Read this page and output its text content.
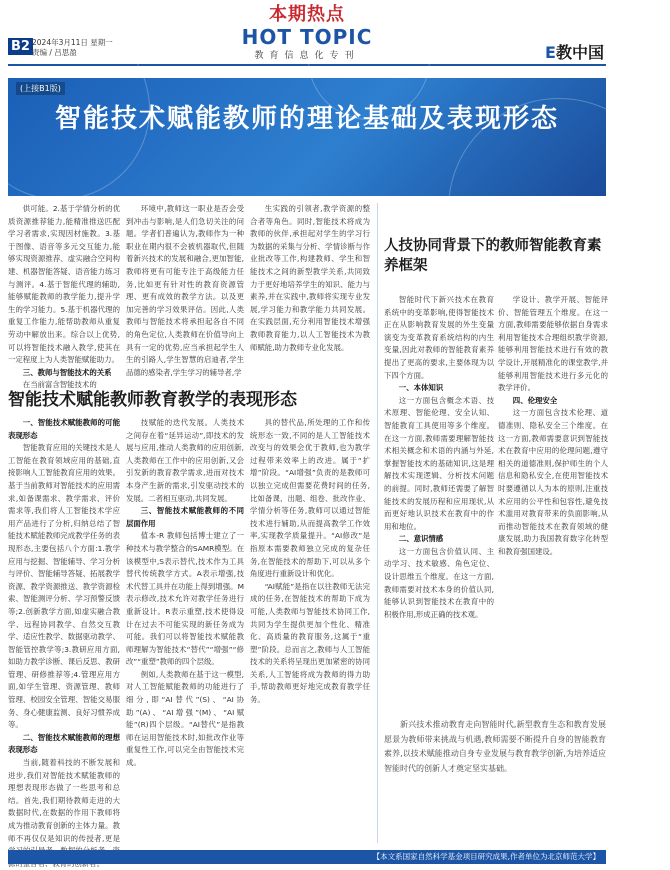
B2 2024年3月11日 星期一
责编 / 吕思盈
本期热点
HOT TOPIC
教育信息化专刊	E教中国
(上接B1版)
智能技术赋能教师的理论基础及表现形态

供可能。2.基于学情分析的优质资源推荐能力,能精准推送匹配学习者需求,实现因材施教。3.基于图像、语音等多元交互能力,能够实现资源推荐、虚实融合空间构建、机器智能答疑、语音能力练习与测评。4.基于智能代理的辅助,能够赋能教师的教学能力,提升学生的学习能力。5.基于机器代理的重复工作能力,能帮助教师从重复劳动中解放出来。综合以上优势,可以将智能技术融入教学,使其在一定程度上为人类智能赋能助力。

三、教师与智能技术的关系

在当前富含智能技术的

环境中,教师这一职业是否会受到冲击与影响,是人们急切关注的问题。学者们普遍认为,教师作为一种职业在期内很不会被机器取代,但随着新兴技术的发展和融合,更加智能,教师将更有可能专注于高级能力任务,比如更有针对性的教育资源管理、更有成效的教学方法。以及更加完善的学习效果评估。因此,人类教师与智能技术将承担起各自不同的角色定位,人类教师在价值导向上具有一定的优势,应当承担起学生人生的引路人,学生智慧的启迪者,学生品德的感染者,学生学习的辅导者,学

生实践的引领者,教学资源的整合者等角色。同时,智能技术将成为教师的伙伴,承担起对学生的学习行为数据的采集与分析、学情诊断与作业批改等工作,构建教师、学生和智能技术之间的新型教学关系,共同致力于更好地培养学生的知识、能力与素养,并在实践中,教师将实现专业发展,学习能力和教学能力共同发展。在实践层面,充分利用智能技术增强教师教育能力,以人工智能技术为教师赋能,助力教师专业化发展。

智能技术赋能教师教育教学的表现形态

一、智能技术赋能教师的可能表现形态

智能教育应用的关键技术是人工智能在教育领域应用的基础,直接影响人工智能教育应用的效果。基于当前教师对智能技术的应用需求,如备课需求、教学需求、评价需求等,我们将人工智能技术学应用产品进行了分析,归纳总结了智能技术赋能教师完成教学任务的表现形态,主要包括八个方面:1.教学应用与挖掘、智能辅导、学习分析与评价、智能辅导答疑、拓展教学资源、教学资源推送、教学资源检索、智能测评分析、学习预警反馈等;2.创新教学方面,如虚实融合教学、远程协同教学、自然交互教学、适应性教学、数据驱动教学、智能管控教学等;3.教研应用方面,如助力教学诊断、课后反思、教研管理、研修推荐等;4.管理应用方面,如学生管理、资源管理、教师管理、校园安全管理、智能交易服务、身心健康监测、良好习惯养成等。

二、智能技术赋能教师的理想表现形态

当前,随着科技的不断发展和进步,我们对智能技术赋能教师的理想表现形态做了一些思考和总结。首先,我们期待教师走进的大数据时代,在数据的作用下教师将成为推动教育创新的主体力量。教师不再仅仅是知识的传授者,更是

技赋能的迭代发展。人类技术之间存在着“延异运动”,即技术的发展与应用,推动人类教师的应用创新,人类教师在工作中的应用创新,又会引发新的教育教学需求,进而对技术本身产生新的需求,引发驱动技术的发展。二者相互驱动,共同发展。

三、智能技术赋能教师的不同层面作用

值本-R 教师包括博士建立了一种技术与教学整合的SAMR模型。在该模型中,S表示替代,技术作为工具替代传统教学方式。A表示增强,技术代替工具并在功能上得到增强。M表示修改,技术允许对教学任务进行重新设计。R表示重塑,技术使得设计在过去不可能实现的新任务成为可能。我们可以将智能技术赋能教师理解为智能技术“替代”“增强”“修改”“重塑”教师的四个层级。

例如,人类教师在基于这一模型,对人工智能赋能教师的功能进行了细分,即“AI替代”(S)、“AI协助”(A)、“AI增强”(M)、“AI赋能”(R)四个层级。“AI替代”是指教师在运用智能技术时,如批改作业等重复性工作,可以完全由智能技术完成。

具的替代品,所处理的工作和传统形态一致,不同的是人工智能技术改变与的效果会优于教师,也为教学过程带来效率上的改进。属于“扩增”阶段。“AI增强”负责的是教师可以独立完成但需要花费时间的任务,比如备课、出题、组卷、批改作业、学情分析等任务,教师可以通过智能技术进行辅助,从而提高教学工作效率,实现教学质量提升。“AI修改”是指原本需要教师独立完成的复杂任务,在智能技术的帮助下,可以从多个角度进行重新设计和优化。

“AI赋能”是指在以往教师无法完成的任务,在智能技术的帮助下成为可能,人类教师与智能技术协同工作,共同为学生提供更加个性化、精准化、高质量的教育服务,这属于“重塑”阶段。总而言之,教师与人工智能技术的关系将呈现出更加紧密的协同关系,人工智能将成为教师的得力助手,帮助教师更好地完成教育教学任务。

人技协同背景下的教师智能教育素养框架

智能时代下新兴技术在教育系统中的变革影响,使得智能技术正在从影响教育发展的外生变量演变为变革教育系统结构的内生变量,因此对教师的智能教育素养提出了更高的要求,主要体现为以下四个方面。

一、本体知识

这一方面包含概念术语、技术原理、智能伦理、安全认知、智能教育工具使用等多个维度。在这一方面,教师需要理解智能技术相关概念和术语的内涵与外延,掌握智能技术的基础知识,这是理解技术实现逻辑、分析技术问题的前提。同时,教师还需要了解智能技术的发展历程和应用现状,从而更好地认识技术在教育中的作用和地位。

二、意识情感

这一方面包含价值认同、主动学习、技术敏感、角色定位、设计思维五个维度。在这一方面,教师需要对技术本身的价值认同,能够认识到智能技术在教育中的积极作用,形成正确的技术观。

学设计、教学开展、智能评价、智能管理五个维度。在这一方面,教师需要能够依据自身需求利用智能技术合理组织教学资源,能够利用智能技术进行有效的教学设计,开展精准化的课堂教学,并能够利用智能技术进行多元化的教学评价。

四、伦理安全

这一方面包含技术伦理、道德准则、隐私安全三个维度。在这一方面,教师需要意识到智能技术在教育中应用的伦理问题,遵守相关的道德准则,保护师生的个人信息和隐私安全,在使用智能技术时要遵循以人为本的原则,注重技术应用的公平性和包容性,避免技术滥用对教育带来的负面影响,从而推动智能技术在教育领域的健康发展,助力我国教育数字化转型和教育强国建设。

新兴技术推动教育走向智能时代,新型教育生态和教育发展愿景为教师带来挑战与机遇,教师需要不断提升自身的智能教育素养,以技术赋能推动自身专业发展与教育教学创新,为培养适应智能时代的创新人才奠定坚实基础。
【本文系国家自然科学基金项目研究成果,作者单位为北京师范大学】
